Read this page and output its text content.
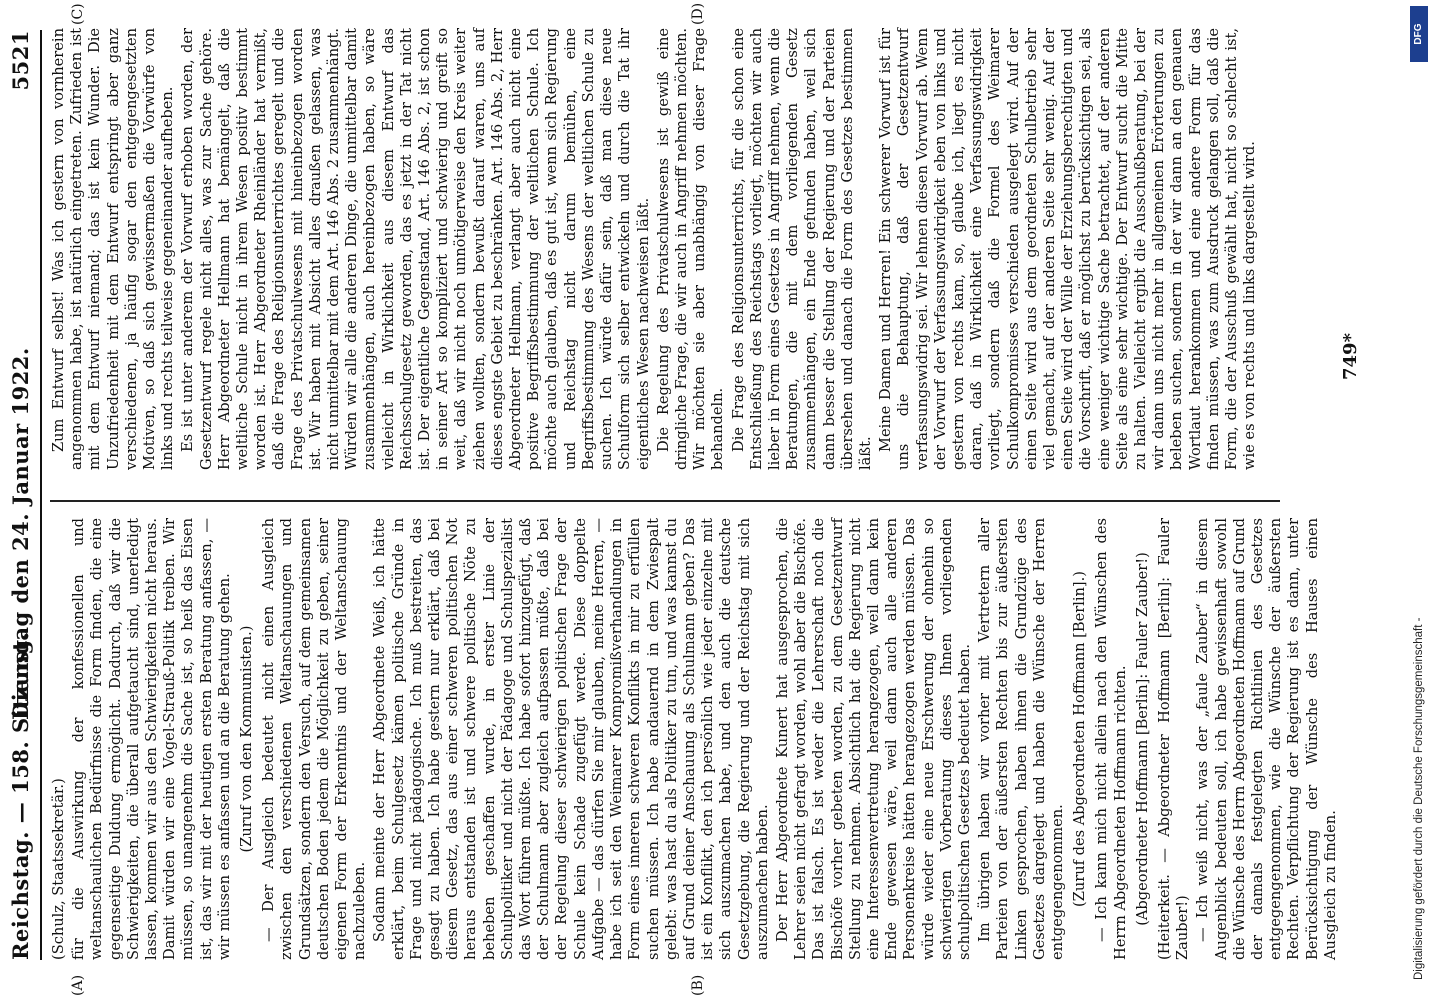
Reichstag. — 158. Sitzung.
Dienstag den 24. Januar 1922.
5521
(A)	(B)
(C)	(D)

(Schulz, Staatssekretär.) für die Auswirkung der konfessionellen und weltanschaulichen Bedürfnisse die Form finden, die eine gegenseitige Duldung ermöglicht. Dadurch, daß wir die Schwierigkeiten, die überall aufgetaucht sind, unerledigt lassen, kommen wir aus den Schwierigkeiten nicht heraus. Damit würden wir eine Vogel-Strauß-Politik treiben. Wir müssen, so unangenehm die Sache ist, so heiß das Eisen ist, das wir mit der heutigen ersten Beratung anfassen, — wir müssen es anfassen und an die Beratung gehen. (Zuruf von den Kommunisten.) — Der Ausgleich bedeutet nicht einen Ausgleich zwischen den verschiedenen Weltanschauungen und Grundsätzen, sondern den Versuch, auf dem gemeinsamen deutschen Boden jedem die Möglichkeit zu geben, seiner eigenen Form der Erkenntnis und der Weltanschauung nachzuleben. Sodann meinte der Herr Abgeordnete Weiß, ich hätte erklärt, beim Schulgesetz kämen politische Gründe in Frage und nicht pädagogische. Ich muß bestreiten, das gesagt zu haben. Ich habe gestern nur erklärt, daß bei diesem Gesetz, das aus einer schweren politischen Not heraus entstanden ist und schwere politische Nöte zu beheben geschaffen wurde, in erster Linie der Schulpolitiker und nicht der Pädagoge und Schulspezialist das Wort führen müßte. Ich habe sofort hinzugefügt, daß der Schulmann aber zugleich aufpassen müßte, daß bei der Regelung dieser schwierigen politischen Frage der Schule kein Schade zugefügt werde. Diese doppelte Aufgabe — das dürfen Sie mir glauben, meine Herren, — habe ich seit den Weimarer Kompromißverhandlungen in Form eines inneren schweren Konflikts in mir zu erfüllen suchen müssen. Ich habe andauernd in dem Zwiespalt gelebt: was hast du als Politiker zu tun, und was kannst du auf Grund deiner Anschauung als Schulmann geben? Das ist ein Konflikt, den ich persönlich wie jeder einzelne mit sich auszumachen habe, und den auch die deutsche Gesetzgebung, die Regierung und der Reichstag mit sich auszumachen haben. Der Herr Abgeordnete Kunert hat ausgesprochen, die Lehrer seien nicht gefragt worden, wohl aber die Bischöfe. Das ist falsch. Es ist weder die Lehrerschaft noch die Bischöfe vorher gebeten worden, zu dem Gesetzentwurf Stellung zu nehmen. Absichtlich hat die Regierung nicht eine Interessenvertretung herangezogen, weil dann kein Ende gewesen wäre, weil dann auch alle anderen Personenkreise hätten herangezogen werden müssen. Das würde wieder eine neue Erschwerung der ohnehin so schwierigen Vorberatung dieses Ihnen vorliegenden schulpolitischen Gesetzes bedeutet haben. Im übrigen haben wir vorher mit Vertretern aller Parteien von der äußersten Rechten bis zur äußersten Linken gesprochen, haben ihnen die Grundzüge des Gesetzes dargelegt und haben die Wünsche der Herren entgegengenommen. (Zuruf des Abgeordneten Hoffmann [Berlin].) — Ich kann mich nicht allein nach den Wünschen des Herrn Abgeordneten Hoffmann richten. (Abgeordneter Hoffmann [Berlin]: Fauler Zauber!) (Heiterkeit. — Abgeordneter Hoffmann [Berlin]: Fauler Zauber!) — Ich weiß nicht, was der „faule Zauber“ in diesem Augenblick bedeuten soll, ich habe gewissenhaft sowohl die Wünsche des Herrn Abgeordneten Hoffmann auf Grund der damals festgelegten Richtlinien des Gesetzes entgegengenommen, wie die Wünsche der äußersten Rechten. Verpflichtung der Regierung ist es dann, unter Berücksichtigung der Wünsche des Hauses einen Ausgleich zu finden.

Zum Entwurf selbst! Was ich gestern von vornherein angenommen habe, ist natürlich eingetreten. Zufrieden ist mit dem Entwurf niemand; das ist kein Wunder. Die Unzufriedenheit mit dem Entwurf entspringt aber ganz verschiedenen, ja häufig sogar den entgegengesetzten Motiven, so daß sich gewissermaßen die Vorwürfe von links und rechts teilweise gegeneinander aufheben. Es ist unter anderem der Vorwurf erhoben worden, der Gesetzentwurf regele nicht alles, was zur Sache gehöre. Herr Abgeordneter Hellmann hat bemängelt, daß die weltliche Schule nicht in ihrem Wesen positiv bestimmt worden ist. Herr Abgeordneter Rheinländer hat vermißt, daß die Frage des Religionsunterrichtes geregelt und die Frage des Privatschulwesens mit hineinbezogen worden ist. Wir haben mit Absicht alles draußen gelassen, was nicht unmittelbar mit dem Art. 146 Abs. 2 zusammenhängt. Würden wir alle die anderen Dinge, die unmittelbar damit zusammenhängen, auch hereinbezogen haben, so wäre vielleicht in Wirklichkeit aus diesem Entwurf das Reichsschulgesetz geworden, das es jetzt in der Tat nicht ist. Der eigentliche Gegenstand, Art. 146 Abs. 2, ist schon in seiner Art so kompliziert und schwierig und greift so weit, daß wir nicht noch unnötigerweise den Kreis weiter ziehen wollten, sondern bewußt darauf waren, uns auf dieses engste Gebiet zu beschränken. Art. 146 Abs. 2, Herr Abgeordneter Hellmann, verlangt aber auch nicht eine positive Begriffsbestimmung der weltlichen Schule. Ich möchte auch glauben, daß es gut ist, wenn sich Regierung und Reichstag nicht darum bemühen, eine Begriffsbestimmung des Wesens der weltlichen Schule zu suchen. Ich würde dafür sein, daß man diese neue Schulform sich selber entwickeln und durch die Tat ihr eigentliches Wesen nachweisen läßt. Die Regelung des Privatschulwesens ist gewiß eine dringliche Frage, die wir auch in Angriff nehmen möchten. Wir möchten sie aber unabhängig von dieser Frage behandeln. Die Frage des Religionsunterrichts, für die schon eine Entschließung des Reichstags vorliegt, möchten wir auch lieber in Form eines Gesetzes in Angriff nehmen, wenn die Beratungen, die mit dem vorliegenden Gesetz zusammenhängen, ein Ende gefunden haben, weil sich dann besser die Stellung der Regierung und der Parteien übersehen und danach die Form des Gesetzes bestimmen läßt.

Meine Damen und Herren! Ein schwerer Vorwurf ist für uns die Behauptung, daß der Gesetzentwurf verfassungswidrig sei. Wir lehnen diesen Vorwurf ab. Wenn der Vorwurf der Verfassungswidrigkeit eben von links und gestern von rechts kam, so, glaube ich, liegt es nicht daran, daß in Wirklichkeit eine Verfassungswidrigkeit vorliegt, sondern daß die Formel des Weimarer Schulkompromisses verschieden ausgelegt wird. Auf der einen Seite wird aus dem geordneten Schulbetrieb sehr viel gemacht, auf der anderen Seite sehr wenig. Auf der einen Seite wird der Wille der Erziehungsberechtigten und die Vorschrift, daß er möglichst zu berücksichtigen sei, als eine weniger wichtige Sache betrachtet, auf der anderen Seite als eine sehr wichtige. Der Entwurf sucht die Mitte zu halten. Vielleicht ergibt die Ausschußberatung, bei der wir dann uns nicht mehr in allgemeinen Erörterungen zu beleben suchen, sondern in der wir dann an den genauen Wortlaut herankommen und eine andere Form für das finden müssen, was zum Ausdruck gelangen soll, daß die Form, die der Ausschuß gewählt hat, nicht so schlecht ist, wie es von rechts und links dargestellt wird.	749*
Digitalisierung gefördert durch die Deutsche Forschungsgemeinschaft -
DFG
